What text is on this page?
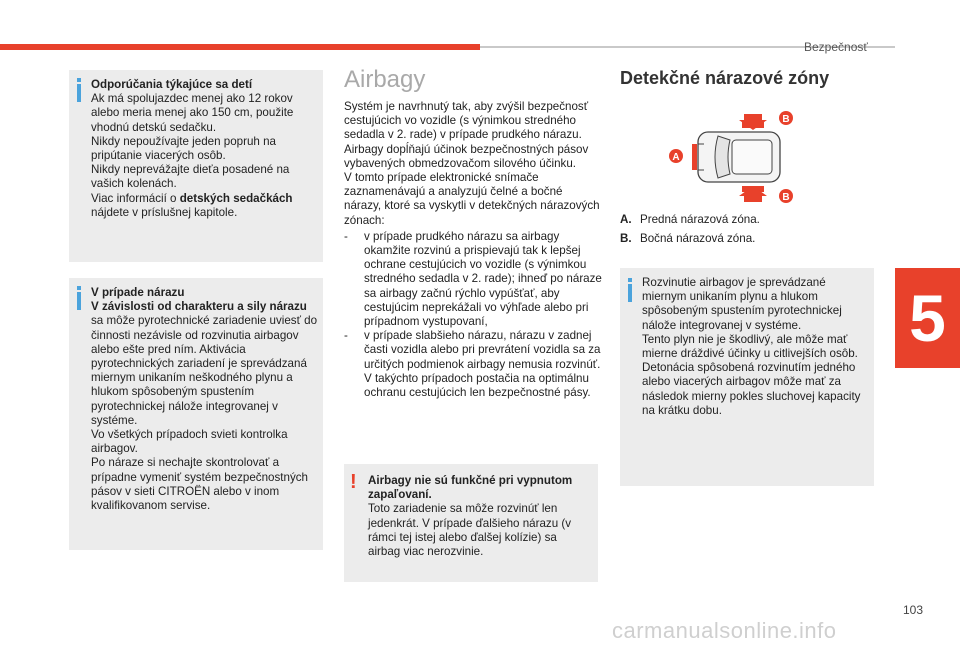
Bezpečnosť
5
Odporúčania týkajúce sa detí
Ak má spolujazdec menej ako 12 rokov alebo meria menej ako 150 cm, použite vhodnú detskú sedačku.
Nikdy nepoužívajte jeden popruh na pripútanie viacerých osôb.
Nikdy neprevážajte dieťa posadené na vašich kolenách.
Viac informácií o detských sedačkách nájdete v príslušnej kapitole.
V prípade nárazu
V závislosti od charakteru a sily nárazu sa môže pyrotechnické zariadenie uviesť do činnosti nezávisle od rozvinutia airbagov alebo ešte pred ním. Aktivácia pyrotechnických zariadení je sprevádzaná miernym unikaním neškodného plynu a hlukom spôsobeným spustením pyrotechnickej nálože integrovanej v systéme.
Vo všetkých prípadoch svieti kontrolka airbagov.
Po náraze si nechajte skontrolovať a prípadne vymeniť systém bezpečnostných pásov v sieti CITROËN alebo v inom kvalifikovanom servise.
Airbagy
Systém je navrhnutý tak, aby zvýšil bezpečnosť cestujúcich vo vozidle (s výnimkou stredného sedadla v 2. rade) v prípade prudkého nárazu. Airbagy dopĺňajú účinok bezpečnostných pásov vybavených obmedzovačom silového účinku.
V tomto prípade elektronické snímače zaznamenávajú a analyzujú čelné a bočné nárazy, ktoré sa vyskytli v detekčných nárazových zónach:
- v prípade prudkého nárazu sa airbagy okamžite rozvinú a prispievajú tak k lepšej ochrane cestujúcich vo vozidle (s výnimkou stredného sedadla v 2. rade); ihneď po náraze sa airbagy začnú rýchlo vypúšťať, aby cestujúcim neprekážali vo výhľade alebo pri prípadnom vystupovaní,
- v prípade slabšieho nárazu, nárazu v zadnej časti vozidla alebo pri prevrátení vozidla sa za určitých podmienok airbagy nemusia rozvinúť. V takýchto prípadoch postačia na optimálnu ochranu cestujúcich len bezpečnostné pásy.
! Airbagy nie sú funkčné pri vypnutom zapaľovaní.
Toto zariadenie sa môže rozvinúť len jedenkrát. V prípade ďalšieho nárazu (v rámci tej istej alebo ďalšej kolízie) sa airbag viac nerozvinie.
Detekčné nárazové zóny
B
B
A
A. Predná nárazová zóna.
B. Bočná nárazová zóna.
Rozvinutie airbagov je sprevádzané miernym unikaním plynu a hlukom spôsobeným spustením pyrotechnickej nálože integrovanej v systéme.
Tento plyn nie je škodlivý, ale môže mať mierne dráždivé účinky u citlivejších osôb.
Detonácia spôsobená rozvinutím jedného alebo viacerých airbagov môže mať za následok mierny pokles sluchovej kapacity na krátku dobu.
103
carmanualsonline.info
